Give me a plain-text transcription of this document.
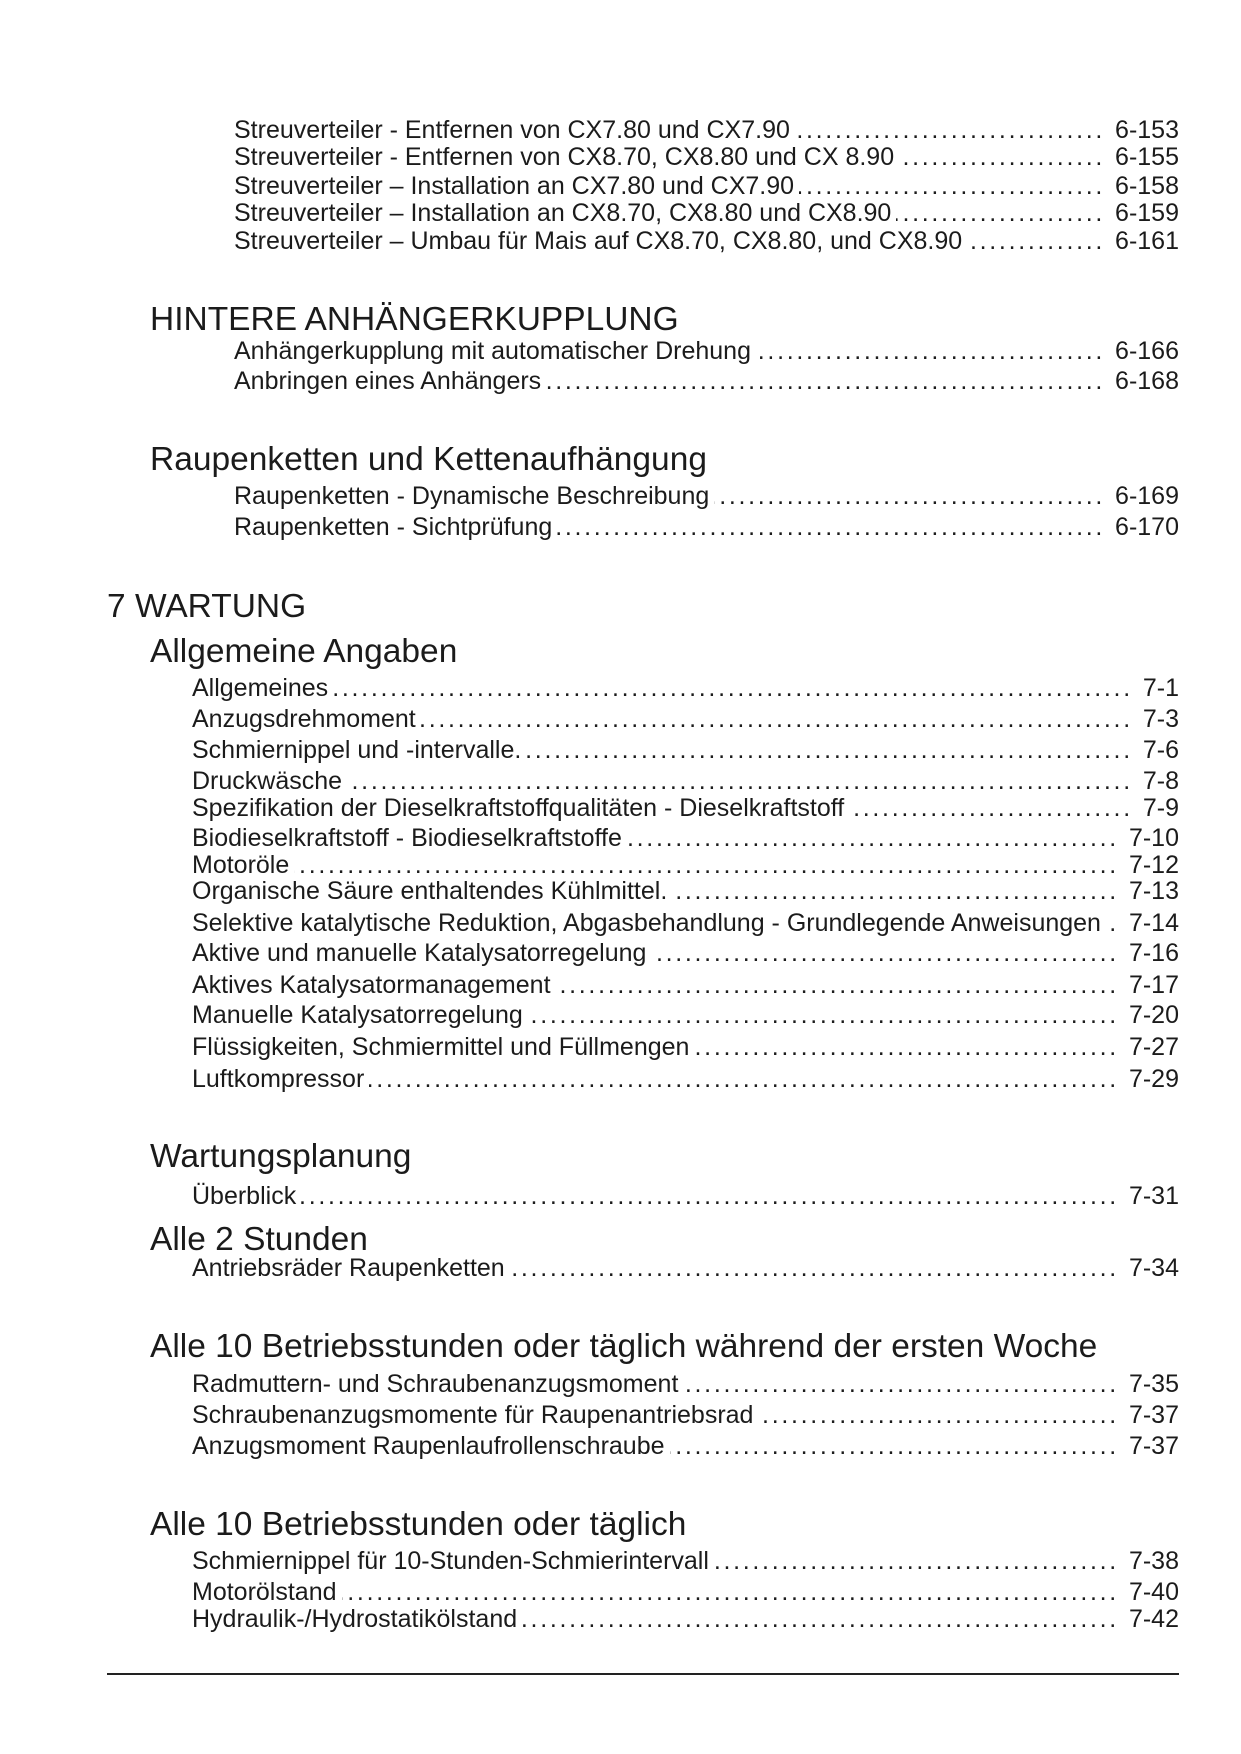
Streuverteiler - Entfernen von CX7.80 und CX7.90 .....	6-153
Streuverteiler - Entfernen von CX8.70, CX8.80 und CX 8.90 .....	6-155
Streuverteiler – Installation an CX7.80 und CX7.90 .....	6-158
Streuverteiler – Installation an CX8.70, CX8.80 und CX8.90 .....	6-159
Streuverteiler – Umbau für Mais auf CX8.70, CX8.80, und CX8.90 .....	6-161
HINTERE ANHÄNGERKUPPLUNG
Anhängerkupplung mit automatischer Drehung .....	6-166
Anbringen eines Anhängers .....	6-168
Raupenketten und Kettenaufhängung
Raupenketten - Dynamische Beschreibung .....	6-169
Raupenketten - Sichtprüfung .....	6-170
7 WARTUNG
Allgemeine Angaben
Allgemeines .....	7-1
Anzugsdrehmoment .....	7-3
Schmiernippel und -intervalle. .....	7-6
Druckwäsche .....	7-8
Spezifikation der Dieselkraftstoffqualitäten - Dieselkraftstoff .....	7-9
Biodieselkraftstoff - Biodieselkraftstoffe .....	7-10
Motoröle .....	7-12
Organische Säure enthaltendes Kühlmittel. .....	7-13
Selektive katalytische Reduktion, Abgasbehandlung - Grundlegende Anweisungen ..... 7-14
Aktive und manuelle Katalysatorregelung .....	7-16
Aktives Katalysatormanagement .....	7-17
Manuelle Katalysatorregelung .....	7-20
Flüssigkeiten, Schmiermittel und Füllmengen .....	7-27
Luftkompressor .....	7-29
Wartungsplanung
Überblick .....	7-31
Alle 2 Stunden
Antriebsräder Raupenketten .....	7-34
Alle 10 Betriebsstunden oder täglich während der ersten Woche
Radmuttern- und Schraubenanzugsmoment .....	7-35
Schraubenanzugsmomente für Raupenantriebsrad .....	7-37
Anzugsmoment Raupenlaufrollenschraube .....	7-37
Alle 10 Betriebsstunden oder täglich
Schmiernippel für 10-Stunden-Schmierintervall .....	7-38
Motorölstand .....	7-40
Hydraulik-/Hydrostatikölstand .....	7-42
